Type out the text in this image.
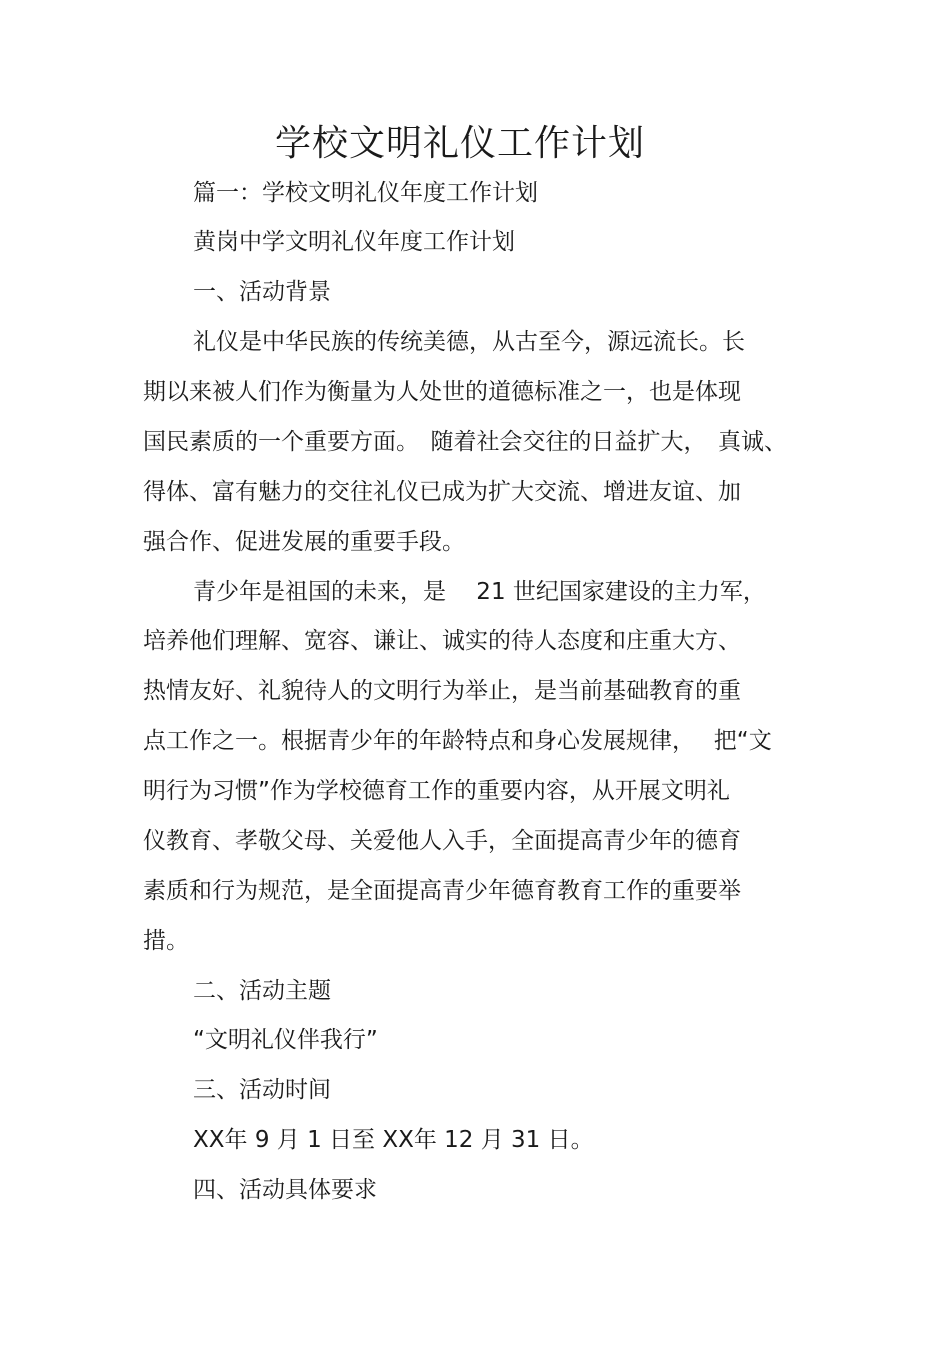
学校文明礼仪工作计划
篇一：学校文明礼仪年度工作计划
黄岗中学文明礼仪年度工作计划
一、活动背景
礼仪是中华民族的传统美德，从古至今，源远流长。长
期以来被人们作为衡量为人处世的道德标准之一，也是体现
国民素质的一个重要方面。　随着社会交往的日益扩大，　真诚、
得体、富有魅力的交往礼仪已成为扩大交流、增进友谊、加
强合作、促进发展的重要手段。
青少年是祖国的未来，是　 21 世纪国家建设的主力军，
培养他们理解、宽容、谦让、诚实的待人态度和庄重大方、
热情友好、礼貌待人的文明行为举止，是当前基础教育的重
点工作之一。根据青少年的年龄特点和身心发展规律，　 把“文
明行为习惯”作为学校德育工作的重要内容，从开展文明礼
仪教育、孝敬父母、关爱他人入手，全面提高青少年的德育
素质和行为规范，是全面提高青少年德育教育工作的重要举
措。
二、活动主题
“文明礼仪伴我行”
三、活动时间
XX年 9 月 1 日至 XX年 12 月 31 日。
四、活动具体要求
